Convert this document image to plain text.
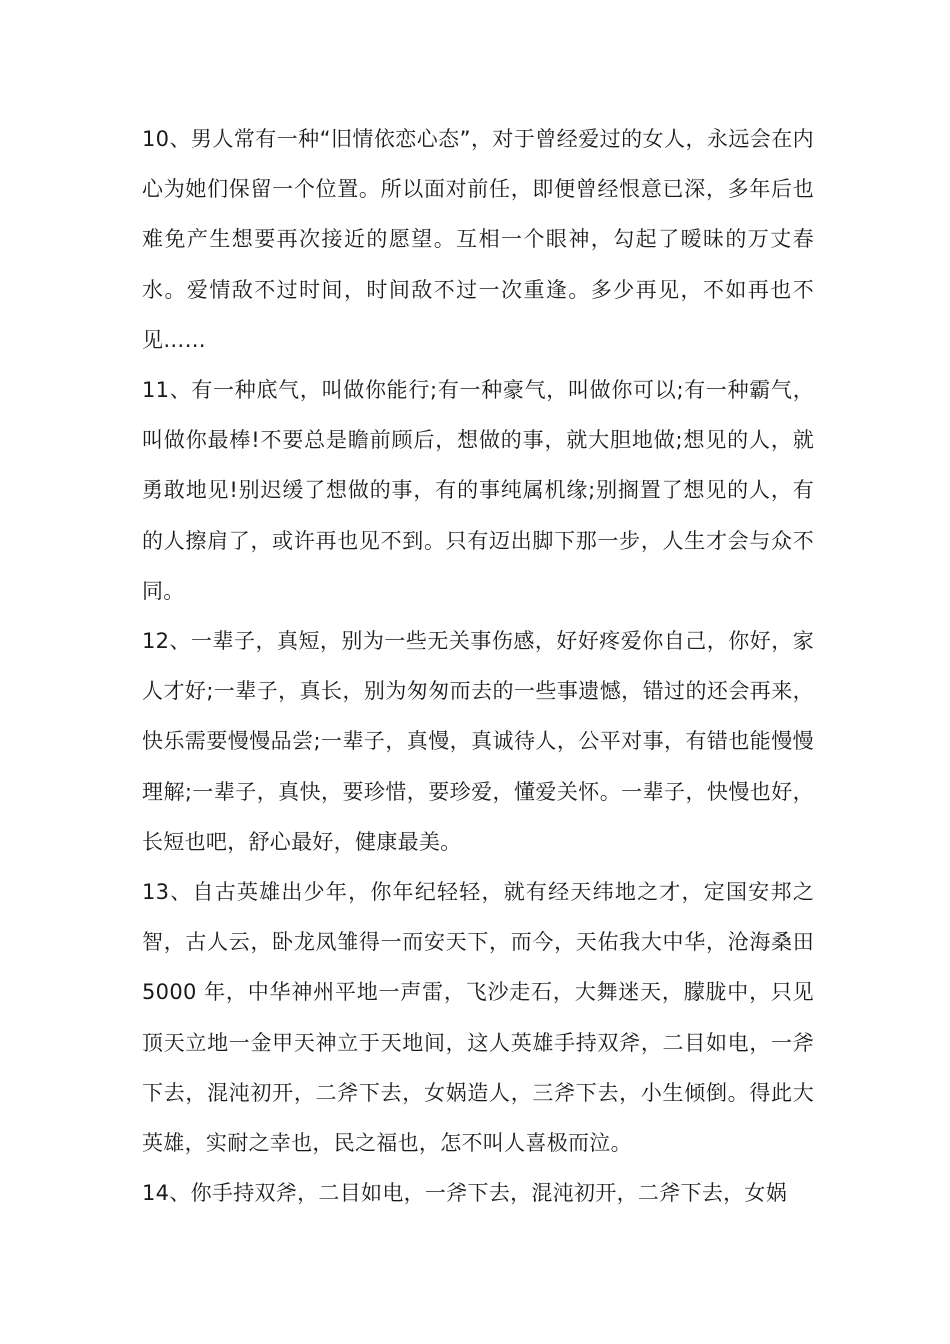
10、男人常有一种“旧情依恋心态”，对于曾经爱过的女人，永远会在内心为她们保留一个位置。所以面对前任，即便曾经恨意已深，多年后也难免产生想要再次接近的愿望。互相一个眼神，勾起了暧昧的万丈春水。爱情敌不过时间，时间敌不过一次重逢。多少再见，不如再也不见……

11、有一种底气，叫做你能行;有一种豪气，叫做你可以;有一种霸气，叫做你最棒!不要总是瞻前顾后，想做的事，就大胆地做;想见的人，就勇敢地见!别迟缓了想做的事，有的事纯属机缘;别搁置了想见的人，有的人擦肩了，或许再也见不到。只有迈出脚下那一步，人生才会与众不同。

12、一辈子，真短，别为一些无关事伤感，好好疼爱你自己，你好，家人才好;一辈子，真长，别为匆匆而去的一些事遗憾，错过的还会再来，快乐需要慢慢品尝;一辈子，真慢，真诚待人，公平对事，有错也能慢慢理解;一辈子，真快，要珍惜，要珍爱，懂爱关怀。一辈子，快慢也好，长短也吧，舒心最好，健康最美。

13、自古英雄出少年，你年纪轻轻，就有经天纬地之才，定国安邦之智，古人云，卧龙凤雏得一而安天下，而今，天佑我大中华，沧海桑田 5000 年，中华神州平地一声雷，飞沙走石，大舞迷天，朦胧中，只见顶天立地一金甲天神立于天地间，这人英雄手持双斧，二目如电，一斧下去，混沌初开，二斧下去，女娲造人，三斧下去，小生倾倒。得此大英雄，实耐之幸也，民之福也，怎不叫人喜极而泣。

14、你手持双斧，二目如电，一斧下去，混沌初开，二斧下去，女娲
